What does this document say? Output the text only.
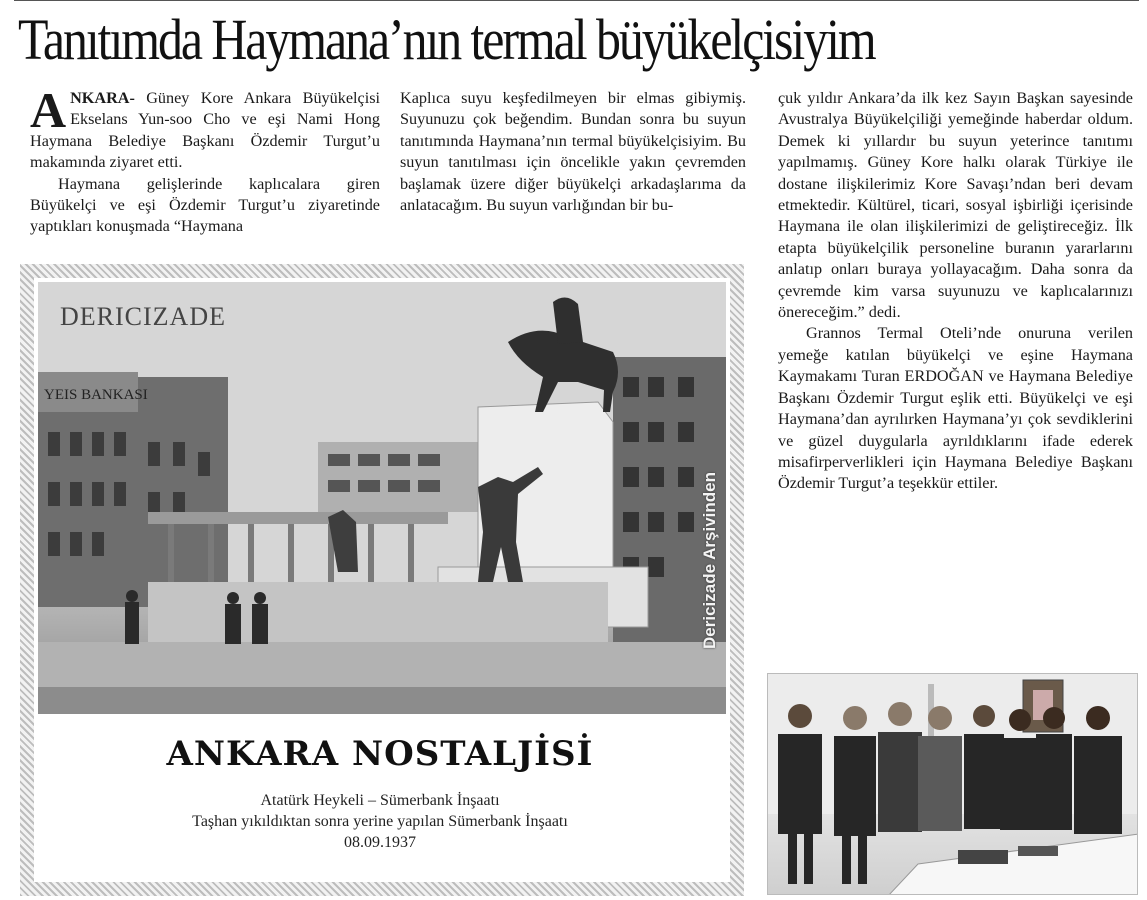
Tanıtımda Haymana’nın termal büyükelçisiyim

ANKARA- Güney Kore Ankara Büyükelçisi Ekselans Yun-soo Cho ve eşi Nami Hong Haymana Belediye Başkanı Özdemir Turgut’u makamında ziyaret etti.

Haymana gelişlerinde kaplıcalara giren Büyükelçi ve eşi Özdemir Turgut’u ziyaretinde yaptıkları konuşmada “Haymana

Kaplıca suyu keşfedilmeyen bir elmas gibiymiş. Suyunuzu çok beğendim. Bundan sonra bu suyun tanıtımında Haymana’nın termal büyükelçisiyim. Bu suyun tanıtılması için öncelikle yakın çevremden başlamak üzere diğer büyükelçi arkadaşlarıma da anlatacağım. Bu suyun varlığından bir bu-

çuk yıldır Ankara’da ilk kez Sayın Başkan sayesinde Avustralya Büyükelçiliği yemeğinde haberdar oldum. Demek ki yıllardır bu suyun yeterince tanıtımı yapılmamış. Güney Kore halkı olarak Türkiye ile dostane ilişkilerimiz Kore Savaşı’ndan beri devam etmektedir. Kültürel, ticari, sosyal işbirliği içerisinde Haymana ile olan ilişkilerimizi de geliştireceğiz. İlk etapta büyükelçilik personeline buranın yararlarını anlatıp onları buraya yollayacağım. Daha sonra da çevremde kim varsa suyunuzu ve kaplıcalarınızı önereceğim.” dedi.

Grannos Termal Oteli’nde onuruna verilen yemeğe katılan büyükelçi ve eşine Haymana Kaymakamı Turan ERDOĞAN ve Haymana Belediye Başkanı Özdemir Turgut eşlik etti. Büyükelçi ve eşi Haymana’dan ayrılırken Haymana’yı çok sevdiklerini ve güzel duygularla ayrıldıklarını ifade ederek misafirperverlikleri için Haymana Belediye Başkanı Özdemir Turgut’a teşekkür ettiler.

YEIS BANKASI
DERICIZADE
Dericizade Arşivinden
ANKARA NOSTALJİSİ
Atatürk Heykeli – Sümerbank İnşaatı
Taşhan yıkıldıktan sonra yerine yapılan Sümerbank İnşaatı
08.09.1937
